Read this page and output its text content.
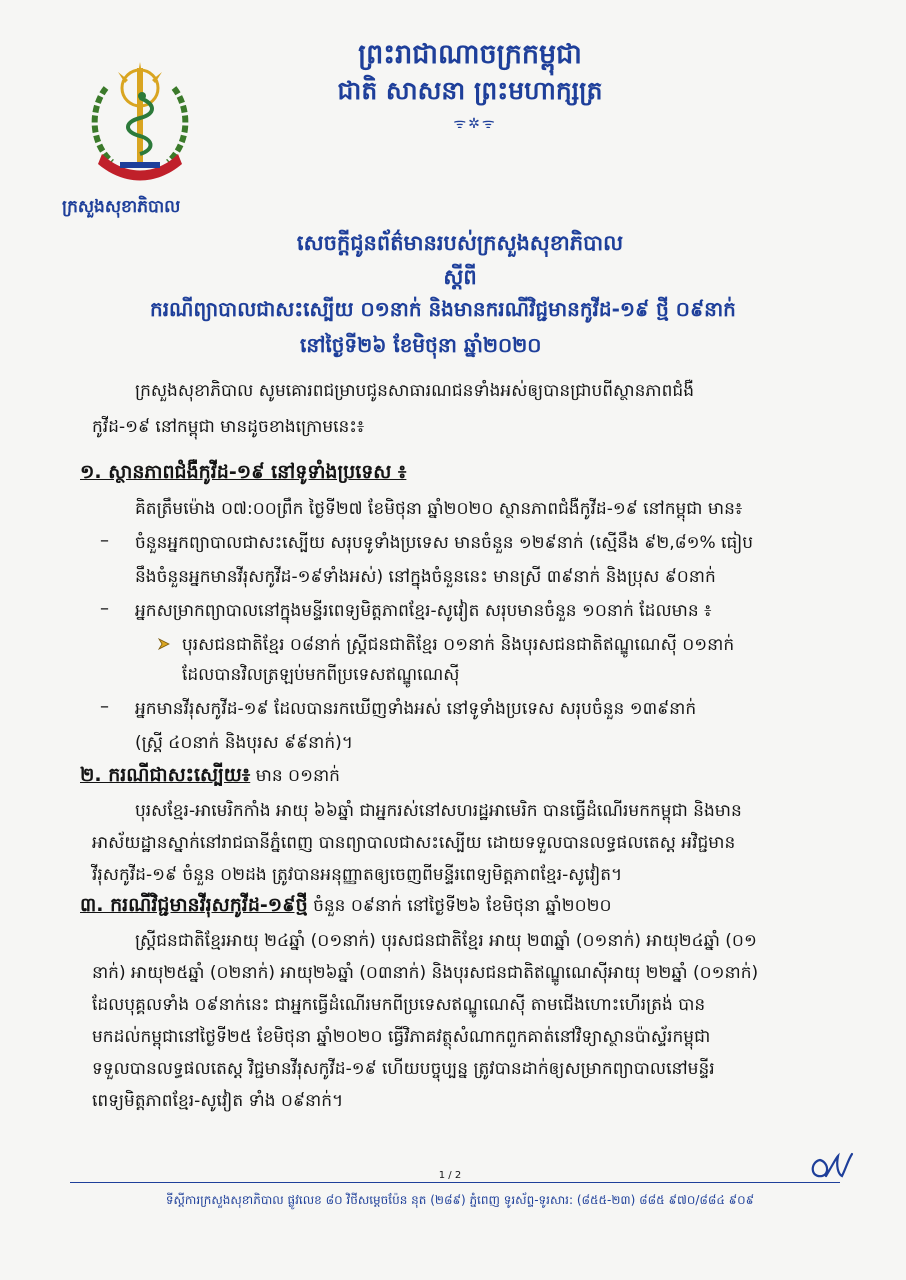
ក្រសួងសុខាភិបាល
ព្រះរាជាណាចក្រកម្ពុជា
ជាតិ សាសនា ព្រះមហាក្សត្រ
ᯤ✲ᯤ
សេចក្ដីជូនព័ត៌មានរបស់ក្រសួងសុខាភិបាល
ស្ដីពី
ករណីព្យាបាលជាសះស្បើយ ០១នាក់ និងមានករណីវិជ្ជមានកូវីដ-១៩ ថ្មី ០៩នាក់
នៅថ្ងៃទី២៦ ខែមិថុនា ឆ្នាំ២០២០
ក្រសួងសុខាភិបាល សូមគោរពជម្រាបជូនសាធារណជនទាំងអស់ឲ្យបានជ្រាបពីស្ថានភាពជំងឺ
កូវីដ-១៩ នៅកម្ពុជា មានដូចខាងក្រោមនេះ៖
១. ស្ថានភាពជំងឺកូវីដ-១៩ នៅទូទាំងប្រទេស ៖
គិតត្រឹមម៉ោង ០៧:០០ព្រឹក ថ្ងៃទី២៧ ខែមិថុនា ឆ្នាំ២០២០ ស្ថានភាពជំងឺកូវីដ-១៩ នៅកម្ពុជា មាន៖
– ចំនួនអ្នកព្យាបាលជាសះស្បើយ សរុបទូទាំងប្រទេស មានចំនួន ១២៩នាក់ (ស្មើនឹង ៩២,៨១% ធៀប
នឹងចំនួនអ្នកមានវីរុសកូវីដ-១៩ទាំងអស់) នៅក្នុងចំនួននេះ មានស្រី ៣៩នាក់ និងប្រុស ៩០នាក់
– អ្នកសម្រាកព្យាបាលនៅក្នុងមន្ទីរពេទ្យមិត្តភាពខ្មែរ-សូវៀត សរុបមានចំនួន ១០នាក់ ដែលមាន ៖
បុរសជនជាតិខ្មែរ ០៨នាក់ ស្ត្រីជនជាតិខ្មែរ ០១នាក់ និងបុរសជនជាតិឥណ្ឌូណេស៊ី ០១នាក់
ដែលបានវិលត្រឡប់មកពីប្រទេសឥណ្ឌូណេស៊ី
– អ្នកមានវីរុសកូវីដ-១៩ ដែលបានរកឃើញទាំងអស់ នៅទូទាំងប្រទេស សរុបចំនួន ១៣៩នាក់
(ស្ត្រី ៤០នាក់ និងបុរស ៩៩នាក់)។
២. ករណីជាសះស្បើយ៖ មាន ០១នាក់
បុរសខ្មែរ-អាមេរិកកាំង អាយុ ៦៦ឆ្នាំ ជាអ្នករស់នៅសហរដ្ឋអាមេរិក បានធ្វើដំណើរមកកម្ពុជា និងមាន
អាស័យដ្ឋានស្នាក់នៅរាជធានីភ្នំពេញ បានព្យាបាលជាសះស្បើយ ដោយទទួលបានលទ្ធផលតេស្ត អវិជ្ជមាន
វីរុសកូវីដ-១៩ ចំនួន ០២ដង ត្រូវបានអនុញ្ញាតឲ្យចេញពីមន្ទីរពេទ្យមិត្តភាពខ្មែរ-សូវៀត។
៣. ករណីវិជ្ជមានវីរុសកូវីដ-១៩ថ្មី ចំនួន ០៩នាក់ នៅថ្ងៃទី២៦ ខែមិថុនា ឆ្នាំ២០២០
ស្ត្រីជនជាតិខ្មែរអាយុ ២៤ឆ្នាំ (០១នាក់) បុរសជនជាតិខ្មែរ អាយុ ២៣ឆ្នាំ (០១នាក់) អាយុ២៤ឆ្នាំ (០១
នាក់) អាយុ២៥ឆ្នាំ (០២នាក់) អាយុ២៦ឆ្នាំ (០៣នាក់) និងបុរសជនជាតិឥណ្ឌូណេស៊ីអាយុ ២២ឆ្នាំ (០១នាក់)
ដែលបុគ្គលទាំង ០៩នាក់នេះ ជាអ្នកធ្វើដំណើរមកពីប្រទេសឥណ្ឌូណេស៊ី តាមជើងហោះហើរត្រង់ បាន
មកដល់កម្ពុជានៅថ្ងៃទី២៥ ខែមិថុនា ឆ្នាំ២០២០ ធ្វើវិភាគវត្ថុសំណាកពួកគាត់នៅវិទ្យាស្ថានប៉ាស្ទ័រកម្ពុជា
ទទួលបានលទ្ធផលតេស្ត វិជ្ជមានវីរុសកូវីដ-១៩ ហើយបច្ចុប្បន្ន ត្រូវបានដាក់ឲ្យសម្រាកព្យាបាលនៅមន្ទីរ
ពេទ្យមិត្តភាពខ្មែរ-សូវៀត ទាំង ០៩នាក់។
1 / 2
ទីស្ដីការក្រសួងសុខាភិបាល ផ្លូវលេខ ៨០ វិថីសម្ដេចប៉ែន នុត (២៨៩) ភ្នំពេញ ទូរស័ព្ទ-ទូរសារ: (៨៥៥-២៣) ៨៨៥ ៩៧០/៨៨៤ ៩០៩
